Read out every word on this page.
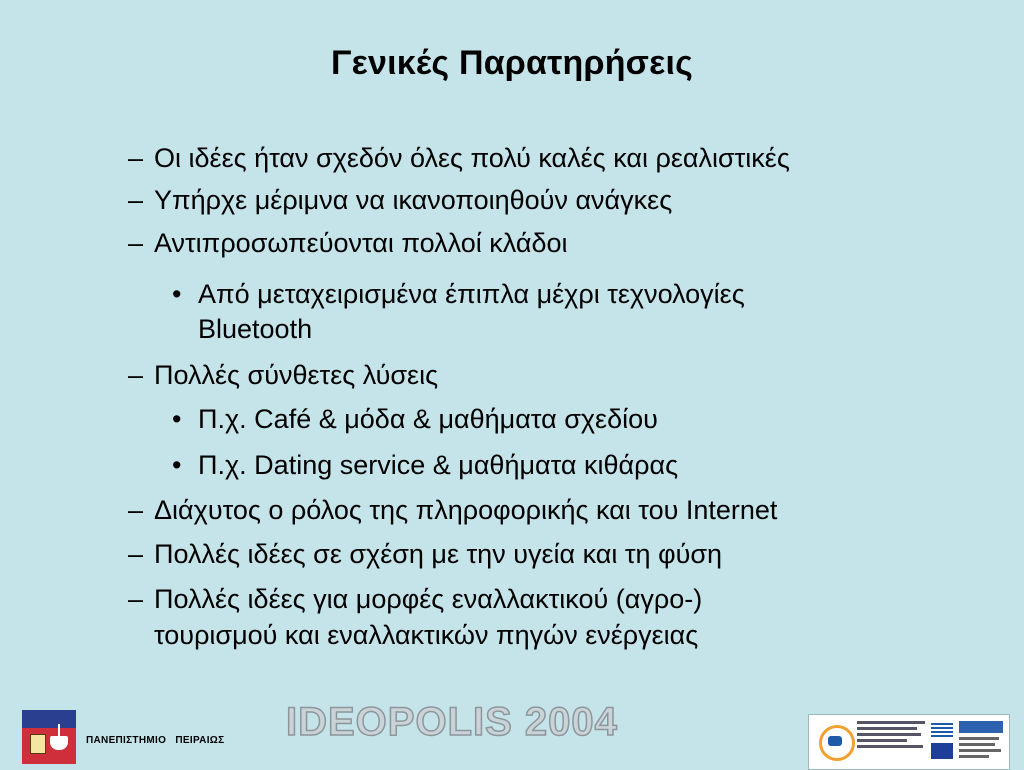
Γενικές Παρατηρήσεις
– Οι ιδέες ήταν σχεδόν όλες πολύ καλές και ρεαλιστικές
– Υπήρχε μέριμνα να ικανοποιηθούν ανάγκες
– Αντιπροσωπεύονται πολλοί κλάδοι
• Από μεταχειρισμένα έπιπλα μέχρι τεχνολογίες
Bluetooth
– Πολλές σύνθετες λύσεις
• Π.χ. Café & μόδα & μαθήματα σχεδίου
• Π.χ. Dating service & μαθήματα κιθάρας
– Διάχυτος ο ρόλος της πληροφορικής και του Internet
– Πολλές ιδέες σε σχέση με την υγεία και τη φύση
– Πολλές ιδέες για μορφές εναλλακτικού (αγρο-)
τουρισμού και εναλλακτικών πηγών ενέργειας
ΠΑΝΕΠΙΣΤΗΜΙΟ   ΠΕΙΡΑΙΩΣ IDEOPOLIS 2004
